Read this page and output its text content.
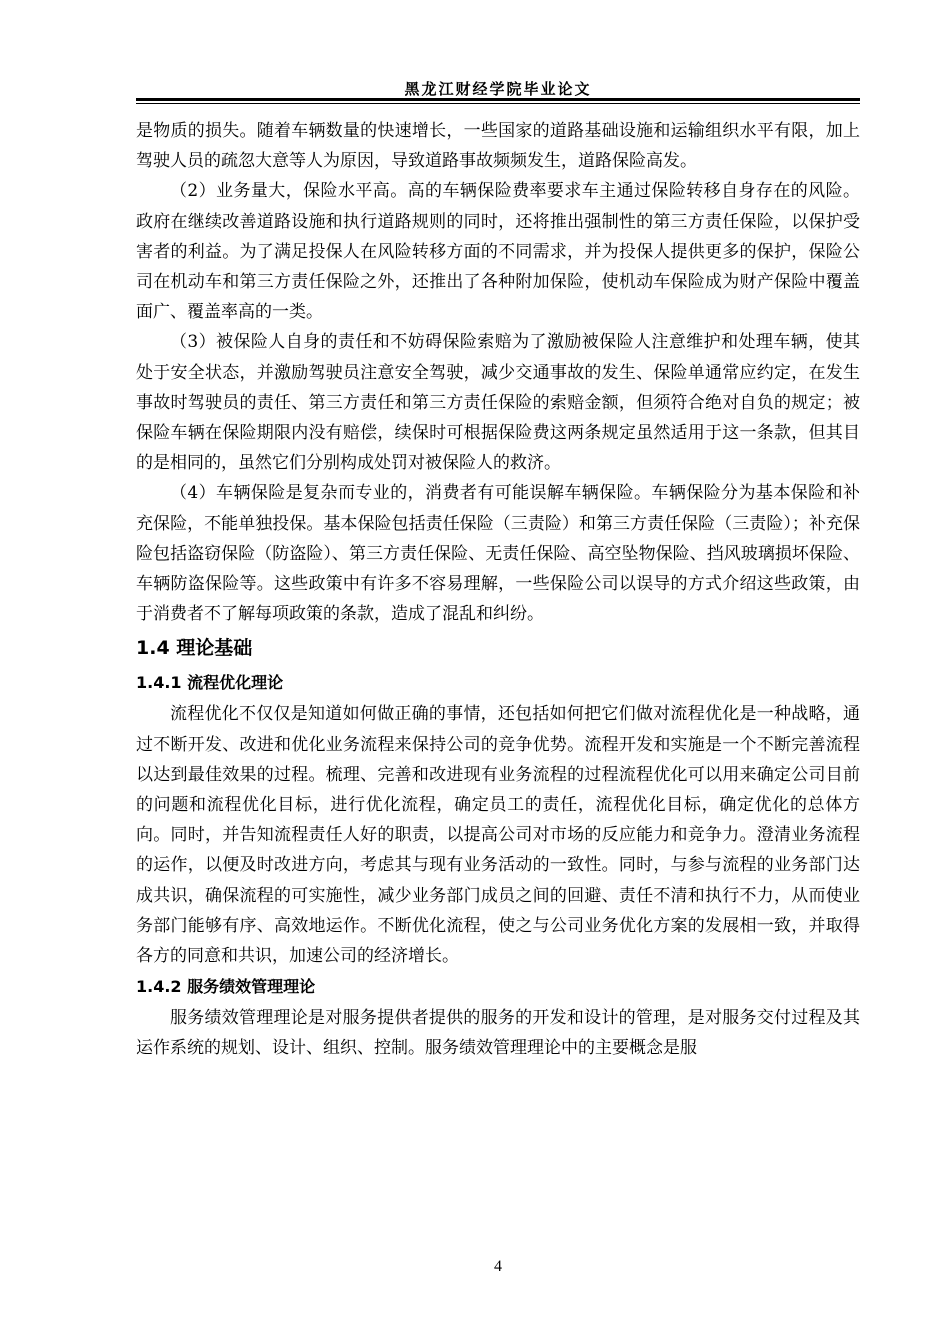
黑龙江财经学院毕业论文

是物质的损失。随着车辆数量的快速增长，一些国家的道路基础设施和运输组织水平有限，加上驾驶人员的疏忽大意等人为原因，导致道路事故频频发生，道路保险高发。

（2）业务量大，保险水平高。高的车辆保险费率要求车主通过保险转移自身存在的风险。政府在继续改善道路设施和执行道路规则的同时，还将推出强制性的第三方责任保险，以保护受害者的利益。为了满足投保人在风险转移方面的不同需求，并为投保人提供更多的保护，保险公司在机动车和第三方责任保险之外，还推出了各种附加保险，使机动车保险成为财产保险中覆盖面广、覆盖率高的一类。

（3）被保险人自身的责任和不妨碍保险索赔为了激励被保险人注意维护和处理车辆，使其处于安全状态，并激励驾驶员注意安全驾驶，减少交通事故的发生、保险单通常应约定，在发生事故时驾驶员的责任、第三方责任和第三方责任保险的索赔金额，但须符合绝对自负的规定；被保险车辆在保险期限内没有赔偿，续保时可根据保险费这两条规定虽然适用于这一条款，但其目的是相同的，虽然它们分别构成处罚对被保险人的救济。

（4）车辆保险是复杂而专业的，消费者有可能误解车辆保险。车辆保险分为基本保险和补充保险，不能单独投保。基本保险包括责任保险（三责险）和第三方责任保险（三责险）；补充保险包括盗窃保险（防盗险）、第三方责任保险、无责任保险、高空坠物保险、挡风玻璃损坏保险、车辆防盗保险等。这些政策中有许多不容易理解，一些保险公司以误导的方式介绍这些政策，由于消费者不了解每项政策的条款，造成了混乱和纠纷。

1.4 理论基础
1.4.1 流程优化理论

流程优化不仅仅是知道如何做正确的事情，还包括如何把它们做对流程优化是一种战略，通过不断开发、改进和优化业务流程来保持公司的竞争优势。流程开发和实施是一个不断完善流程以达到最佳效果的过程。梳理、完善和改进现有业务流程的过程流程优化可以用来确定公司目前的问题和流程优化目标，进行优化流程，确定员工的责任，流程优化目标，确定优化的总体方向。同时，并告知流程责任人好的职责，以提高公司对市场的反应能力和竞争力。澄清业务流程的运作，以便及时改进方向，考虑其与现有业务活动的一致性。同时，与参与流程的业务部门达成共识，确保流程的可实施性，减少业务部门成员之间的回避、责任不清和执行不力，从而使业务部门能够有序、高效地运作。不断优化流程，使之与公司业务优化方案的发展相一致，并取得各方的同意和共识，加速公司的经济增长。

1.4.2 服务绩效管理理论

服务绩效管理理论是对服务提供者提供的服务的开发和设计的管理，是对服务交付过程及其运作系统的规划、设计、组织、控制。服务绩效管理理论中的主要概念是服

4
